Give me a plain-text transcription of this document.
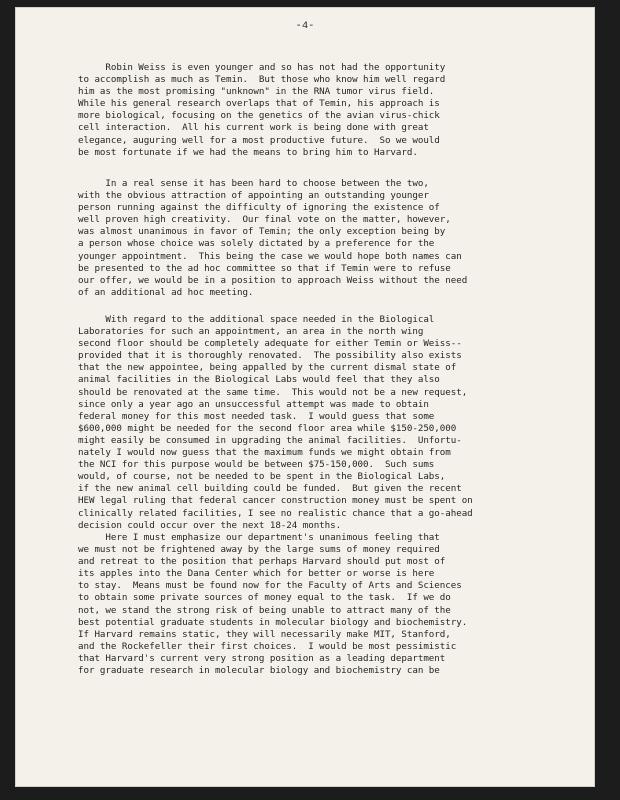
-4-
Robin Weiss is even younger and so has not had the opportunity
to accomplish as much as Temin.  But those who know him well regard
him as the most promising "unknown" in the RNA tumor virus field.
While his general research overlaps that of Temin, his approach is
more biological, focusing on the genetics of the avian virus-chick
cell interaction.  All his current work is being done with great
elegance, auguring well for a most productive future.  So we would
be most fortunate if we had the means to bring him to Harvard.
In a real sense it has been hard to choose between the two,
with the obvious attraction of appointing an outstanding younger
person running against the difficulty of ignoring the existence of
well proven high creativity.  Our final vote on the matter, however,
was almost unanimous in favor of Temin; the only exception being by
a person whose choice was solely dictated by a preference for the
younger appointment.  This being the case we would hope both names can
be presented to the ad hoc committee so that if Temin were to refuse
our offer, we would be in a position to approach Weiss without the need
of an additional ad hoc meeting.
With regard to the additional space needed in the Biological
Laboratories for such an appointment, an area in the north wing
second floor should be completely adequate for either Temin or Weiss--
provided that it is thoroughly renovated.  The possibility also exists
that the new appointee, being appalled by the current dismal state of
animal facilities in the Biological Labs would feel that they also
should be renovated at the same time.  This would not be a new request,
since only a year ago an unsuccessful attempt was made to obtain
federal money for this most needed task.  I would guess that some
$600,000 might be needed for the second floor area while $150-250,000
might easily be consumed in upgrading the animal facilities.  Unfortu-
nately I would now guess that the maximum funds we might obtain from
the NCI for this purpose would be between $75-150,000.  Such sums
would, of course, not be needed to be spent in the Biological Labs,
if the new animal cell building could be funded.  But given the recent
HEW legal ruling that federal cancer construction money must be spent on
clinically related facilities, I see no realistic chance that a go-ahead
decision could occur over the next 18-24 months.
Here I must emphasize our department's unanimous feeling that
we must not be frightened away by the large sums of money required
and retreat to the position that perhaps Harvard should put most of
its apples into the Dana Center which for better or worse is here
to stay.  Means must be found now for the Faculty of Arts and Sciences
to obtain some private sources of money equal to the task.  If we do
not, we stand the strong risk of being unable to attract many of the
best potential graduate students in molecular biology and biochemistry.
If Harvard remains static, they will necessarily make MIT, Stanford,
and the Rockefeller their first choices.  I would be most pessimistic
that Harvard's current very strong position as a leading department
for graduate research in molecular biology and biochemistry can be
